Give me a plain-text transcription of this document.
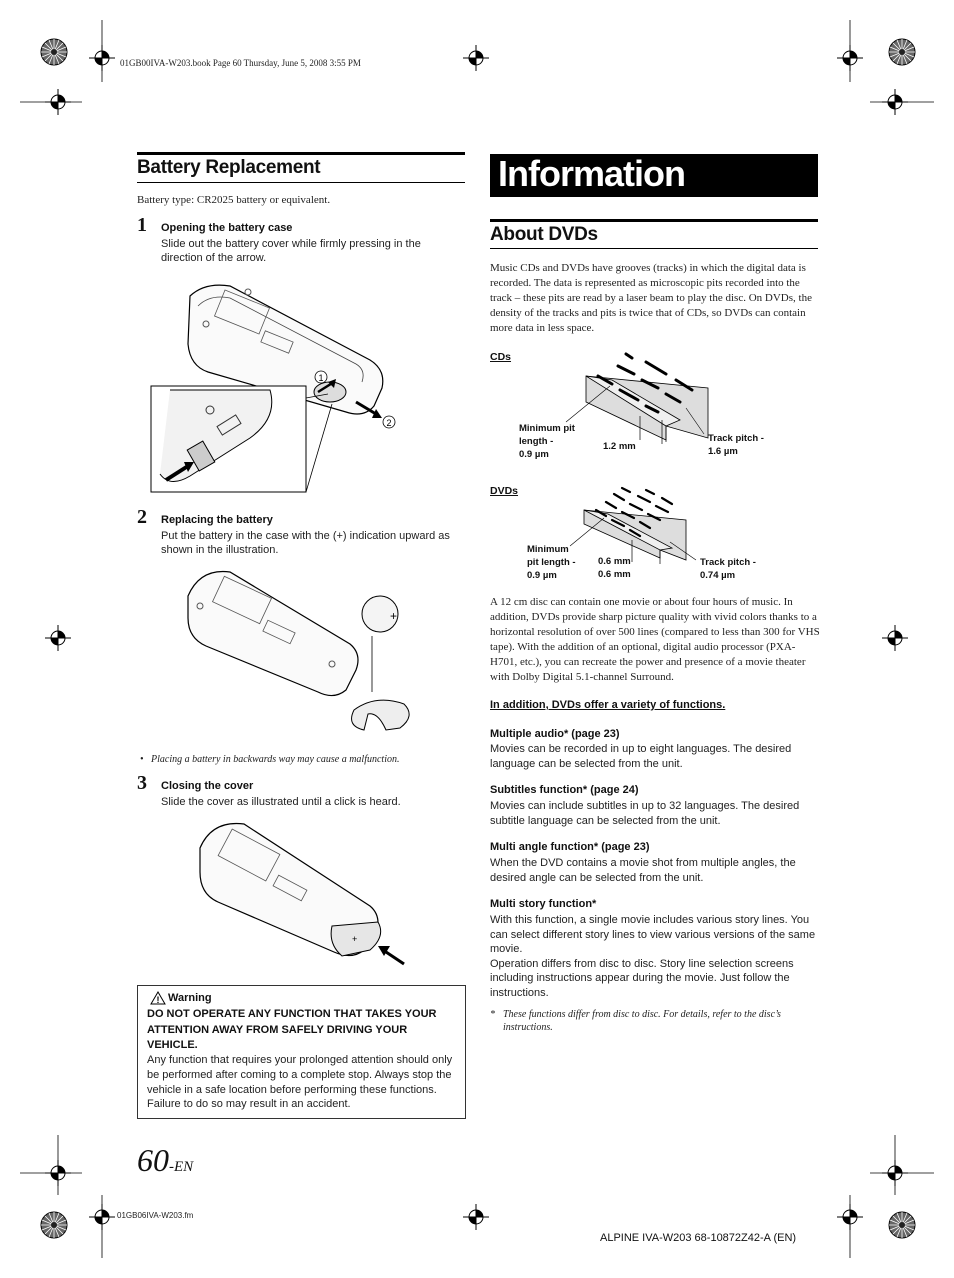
01GB00IVA-W203.book Page 60 Thursday, June 5, 2008 3:55 PM
Battery Replacement
Battery type: CR2025 battery or equivalent.
1 Opening the battery case
Slide out the battery cover while firmly pressing in the direction of the arrow.
1
2
2 Replacing the battery
Put the battery in the case with the (+) indication upward as shown in the illustration.
+
• Placing a battery in backwards way may cause a malfunction.
3 Closing the cover
Slide the cover as illustrated until a click is heard.
+
! Warning
DO NOT OPERATE ANY FUNCTION THAT TAKES YOUR ATTENTION AWAY FROM SAFELY DRIVING YOUR VEHICLE.
Any function that requires your prolonged attention should only be performed after coming to a complete stop. Always stop the vehicle in a safe location before performing these functions. Failure to do so may result in an accident.
60-EN
01GB06IVA-W203.fm
ALPINE IVA-W203 68-10872Z42-A (EN)
Information
About DVDs
Music CDs and DVDs have grooves (tracks) in which the digital data is recorded. The data is represented as microscopic pits recorded into the track – these pits are read by a laser beam to play the disc. On DVDs, the density of the tracks and pits is twice that of CDs, so DVDs can contain more data in less space.
CDs
Minimum pit
length -
0.9 µm
1.2 mm
Track pitch -
1.6 µm
DVDs
Minimum
pit length -
0.9 µm
0.6 mm
0.6 mm
Track pitch -
0.74 µm
A 12 cm disc can contain one movie or about four hours of music. In addition, DVDs provide sharp picture quality with vivid colors thanks to a horizontal resolution of over 500 lines (compared to less than 300 for VHS tape). With the addition of an optional, digital audio processor (PXA-H701, etc.), you can recreate the power and presence of a movie theater with Dolby Digital 5.1-channel Surround.
In addition, DVDs offer a variety of functions.
Multiple audio* (page 23)
Movies can be recorded in up to eight languages. The desired language can be selected from the unit.
Subtitles function* (page 24)
Movies can include subtitles in up to 32 languages. The desired subtitle language can be selected from the unit.
Multi angle function* (page 23)
When the DVD contains a movie shot from multiple angles, the desired angle can be selected from the unit.
Multi story function*
With this function, a single movie includes various story lines. You can select different story lines to view various versions of the same movie.
Operation differs from disc to disc. Story line selection screens including instructions appear during the movie. Just follow the instructions.
* These functions differ from disc to disc. For details, refer to the disc’s instructions.
